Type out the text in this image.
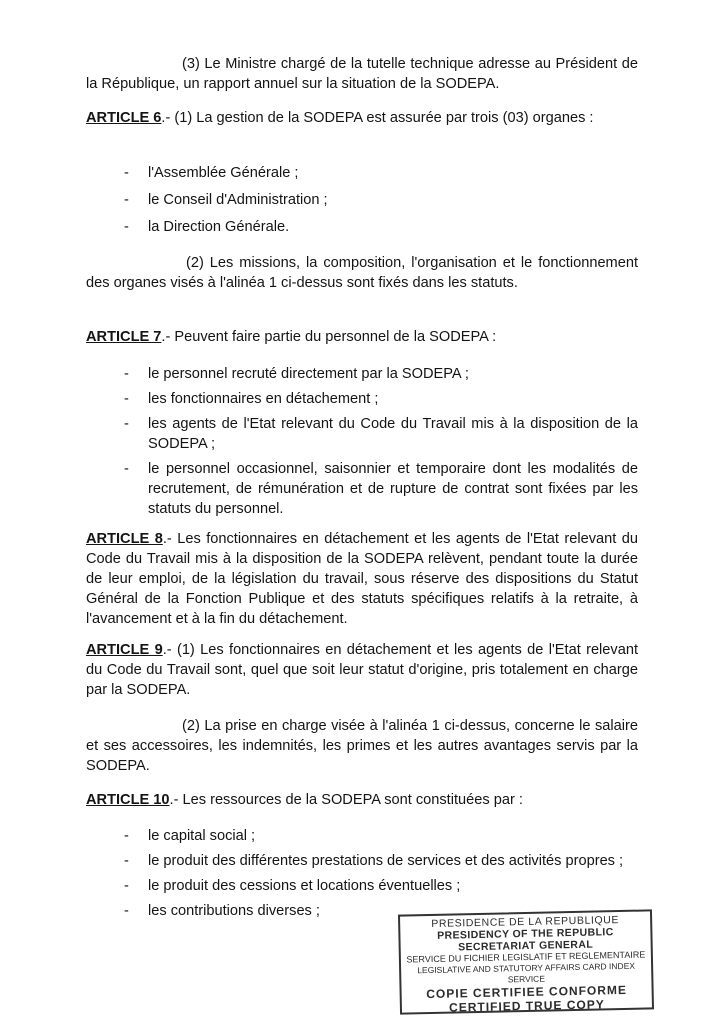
(3) Le Ministre chargé de la tutelle technique adresse au Président de la République, un rapport annuel sur la situation de la SODEPA.

ARTICLE 6.- (1) La gestion de la SODEPA est assurée par trois (03) organes :

- l'Assemblée Générale ;
- le Conseil d'Administration ;
- la Direction Générale.

(2) Les missions, la composition, l'organisation et le fonctionnement des organes visés à l'alinéa 1 ci-dessus sont fixés dans les statuts.

ARTICLE 7.- Peuvent faire partie du personnel de la SODEPA :

- le personnel recruté directement par la SODEPA ;
- les fonctionnaires en détachement ;
- les agents de l'Etat relevant du Code du Travail mis à la disposition de la SODEPA ;
- le personnel occasionnel, saisonnier et temporaire dont les modalités de recrutement, de rémunération et de rupture de contrat sont fixées par les statuts du personnel.

ARTICLE 8.- Les fonctionnaires en détachement et les agents de l'Etat relevant du Code du Travail mis à la disposition de la SODEPA relèvent, pendant toute la durée de leur emploi, de la législation du travail, sous réserve des dispositions du Statut Général de la Fonction Publique et des statuts spécifiques relatifs à la retraite, à l'avancement et à la fin du détachement.

ARTICLE 9.- (1) Les fonctionnaires en détachement et les agents de l'Etat relevant du Code du Travail sont, quel que soit leur statut d'origine, pris totalement en charge par la SODEPA.

(2) La prise en charge visée à l'alinéa 1 ci-dessus, concerne le salaire et ses accessoires, les indemnités, les primes et les autres avantages servis par la SODEPA.

ARTICLE 10.- Les ressources de la SODEPA sont constituées par :

- le capital social ;
- le produit des différentes prestations de services et des activités propres ;
- le produit des cessions et locations éventuelles ;
- les contributions diverses ;
PRESIDENCE DE LA REPUBLIQUE
PRESIDENCY OF THE REPUBLIC
SECRETARIAT GENERAL
SERVICE DU FICHIER LEGISLATIF ET REGLEMENTAIRE
LEGISLATIVE AND STATUTORY AFFAIRS CARD INDEX SERVICE
COPIE CERTIFIEE CONFORME
CERTIFIED TRUE COPY
